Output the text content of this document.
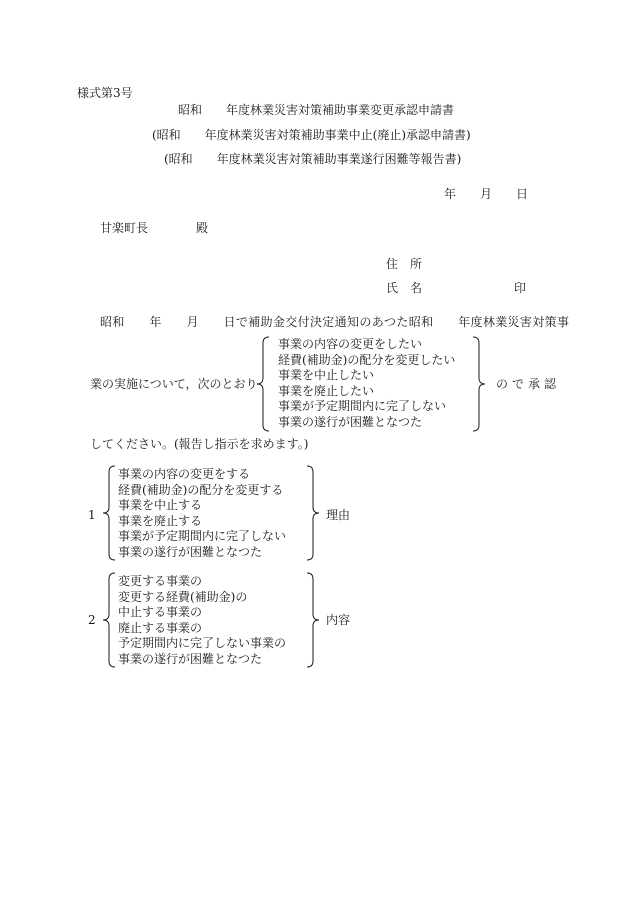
様式第3号
昭和　　年度林業災害対策補助事業変更承認申請書
(昭和　　年度林業災害対策補助事業中止(廃止)承認申請書)
(昭和　　年度林業災害対策補助事業遂行困難等報告書)
年　　月　　日
甘楽町長　　　　殿
住　所
氏　名	印
昭和　　年　　月　　日で補助金交付決定通知のあつた昭和　　年度林業災害対策事
業の実施について，次のとおり
事業の内容の変更をしたい
経費(補助金)の配分を変更したい
事業を中止したい
事業を廃止したい
事業が予定期間内に完了しない
事業の遂行が困難となつた
ので承認
してください。(報告し指示を求めます。)
1
事業の内容の変更をする
経費(補助金)の配分を変更する
事業を中止する
事業を廃止する
事業が予定期間内に完了しない
事業の遂行が困難となつた
理由
2
変更する事業の
変更する経費(補助金)の
中止する事業の
廃止する事業の
予定期間内に完了しない事業の
事業の遂行が困難となつた
内容
